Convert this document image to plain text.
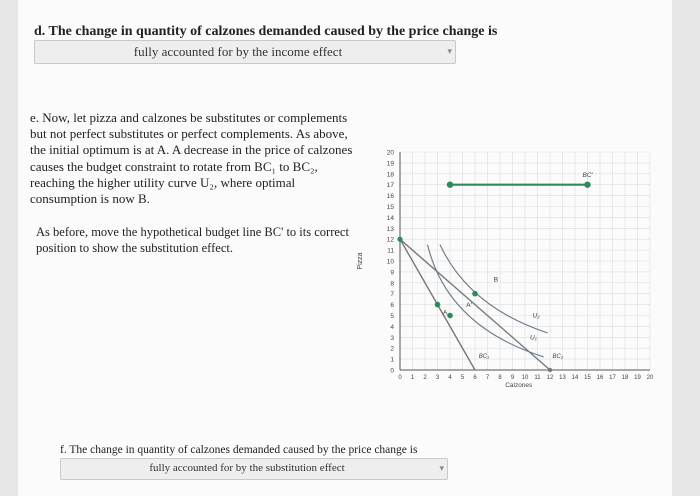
d. The change in quantity of calzones demanded caused by the price change is
fully accounted for by the income effect	▾
e. Now, let pizza and calzones be substitutes or complements but not perfect substitutes or perfect complements. As above, the initial optimum is at A. A decrease in the price of calzones causes the budget constraint to rotate from BC₁ to BC₂, reaching the higher utility curve U₂, where optimal consumption is now B.
As before, move the hypothetical budget line BC' to its correct position to show the substitution effect.
0
1
2
3
4
5
6
7
8
9
10
11
12
13
14
15
16
17
18
19
20
0 1 2 3 4 5 6 7 8 9 10 11 12 13 14 15 16 17 18 19 20
Pizza
Calzones
A
A'
B
U₂
U₁
BC₁	BC₂
BC'
f. The change in quantity of calzones demanded caused by the price change is
fully accounted for by the substitution effect	▾
